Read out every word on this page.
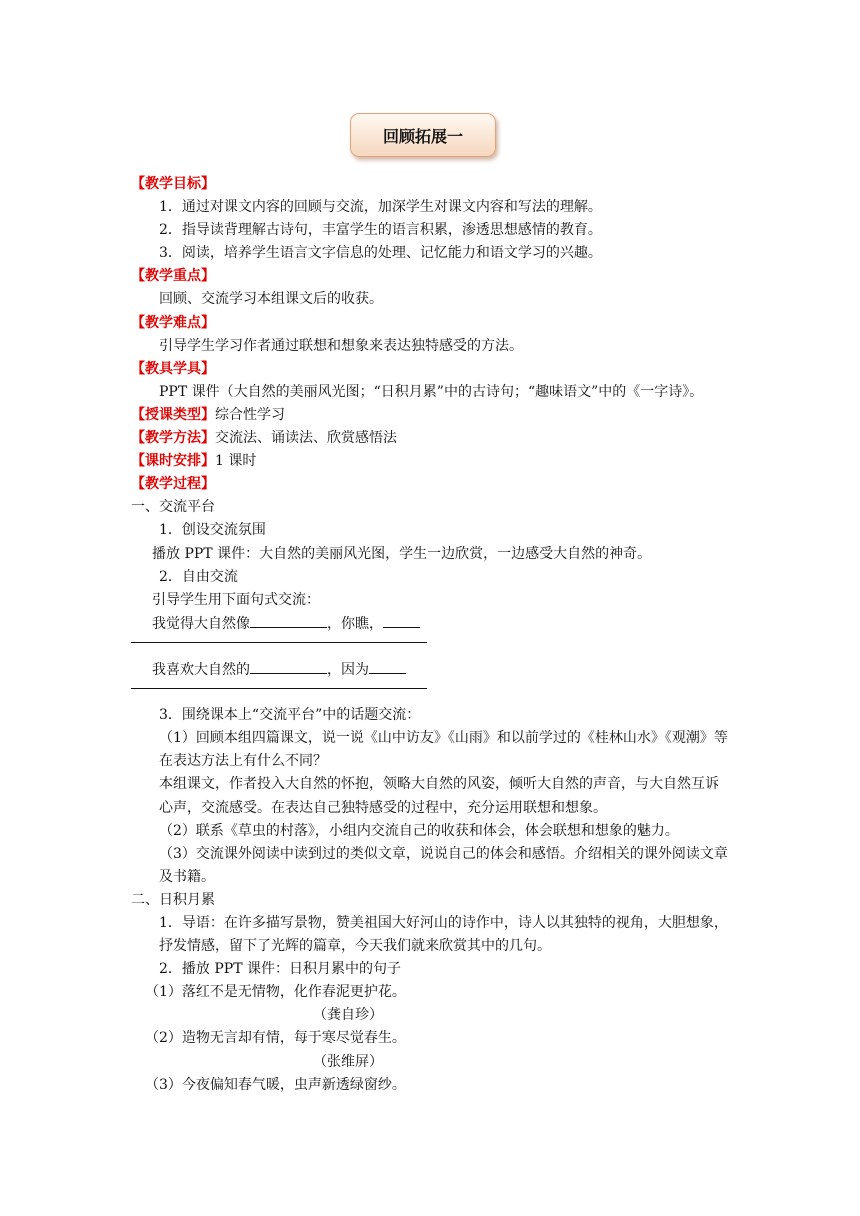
回顾拓展一
【教学目标】
1．通过对课文内容的回顾与交流，加深学生对课文内容和写法的理解。
2．指导读背理解古诗句，丰富学生的语言积累，渗透思想感情的教育。
3．阅读，培养学生语言文字信息的处理、记忆能力和语文学习的兴趣。
【教学重点】
回顾、交流学习本组课文后的收获。
【教学难点】
引导学生学习作者通过联想和想象来表达独特感受的方法。
【教具学具】
PPT 课件（大自然的美丽风光图；“日积月累”中的古诗句；“趣味语文”中的《一字诗》。
【授课类型】综合性学习
【教学方法】交流法、诵读法、欣赏感悟法
【课时安排】1 课时
【教学过程】
一、交流平台
1．创设交流氛围
播放 PPT 课件：大自然的美丽风光图，学生一边欣赏，一边感受大自然的神奇。
2．自由交流
引导学生用下面句式交流：
我觉得大自然像	，你瞧，
我喜欢大自然的	，因为
3．围绕课本上“交流平台”中的话题交流：
（1）回顾本组四篇课文，说一说《山中访友》《山雨》和以前学过的《桂林山水》《观潮》等在表达方法上有什么不同？
本组课文，作者投入大自然的怀抱，领略大自然的风姿，倾听大自然的声音，与大自然互诉心声，交流感受。在表达自己独特感受的过程中，充分运用联想和想象。
（2）联系《草虫的村落》，小组内交流自己的收获和体会，体会联想和想象的魅力。
（3）交流课外阅读中读到过的类似文章，说说自己的体会和感悟。介绍相关的课外阅读文章及书籍。
二、日积月累
1．导语：在许多描写景物，赞美祖国大好河山的诗作中，诗人以其独特的视角，大胆想象，抒发情感，留下了光辉的篇章，今天我们就来欣赏其中的几句。
2．播放 PPT 课件：日积月累中的句子
（1）落红不是无情物，化作春泥更护花。
（龚自珍）
（2）造物无言却有情，每于寒尽觉春生。
（张维屏）
（3）今夜偏知春气暖，虫声新透绿窗纱。
